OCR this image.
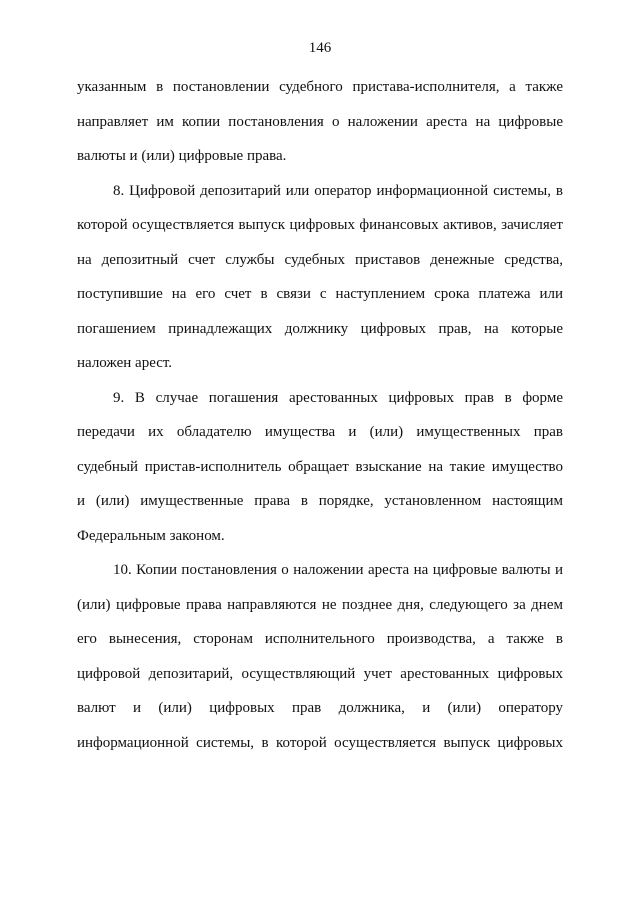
146
указанным в постановлении судебного пристава-исполнителя, а также
направляет им копии постановления о наложении ареста на цифровые
валюты и (или) цифровые права.
8. Цифровой депозитарий или оператор информационной системы, в
которой осуществляется выпуск цифровых финансовых активов, зачисляет
на депозитный счет службы судебных приставов денежные средства,
поступившие на его счет в связи с наступлением срока платежа или
погашением принадлежащих должнику цифровых прав, на которые
наложен арест.
9. В случае погашения арестованных цифровых прав в форме
передачи их обладателю имущества и (или) имущественных прав
судебный пристав-исполнитель обращает взыскание на такие имущество
и (или) имущественные права в порядке, установленном настоящим
Федеральным законом.
10. Копии постановления о наложении ареста на цифровые валюты и
(или) цифровые права направляются не позднее дня, следующего за днем
его вынесения, сторонам исполнительного производства, а также в
цифровой депозитарий, осуществляющий учет арестованных цифровых
валют и (или) цифровых прав должника, и (или) оператору
информационной системы, в которой осуществляется выпуск цифровых
